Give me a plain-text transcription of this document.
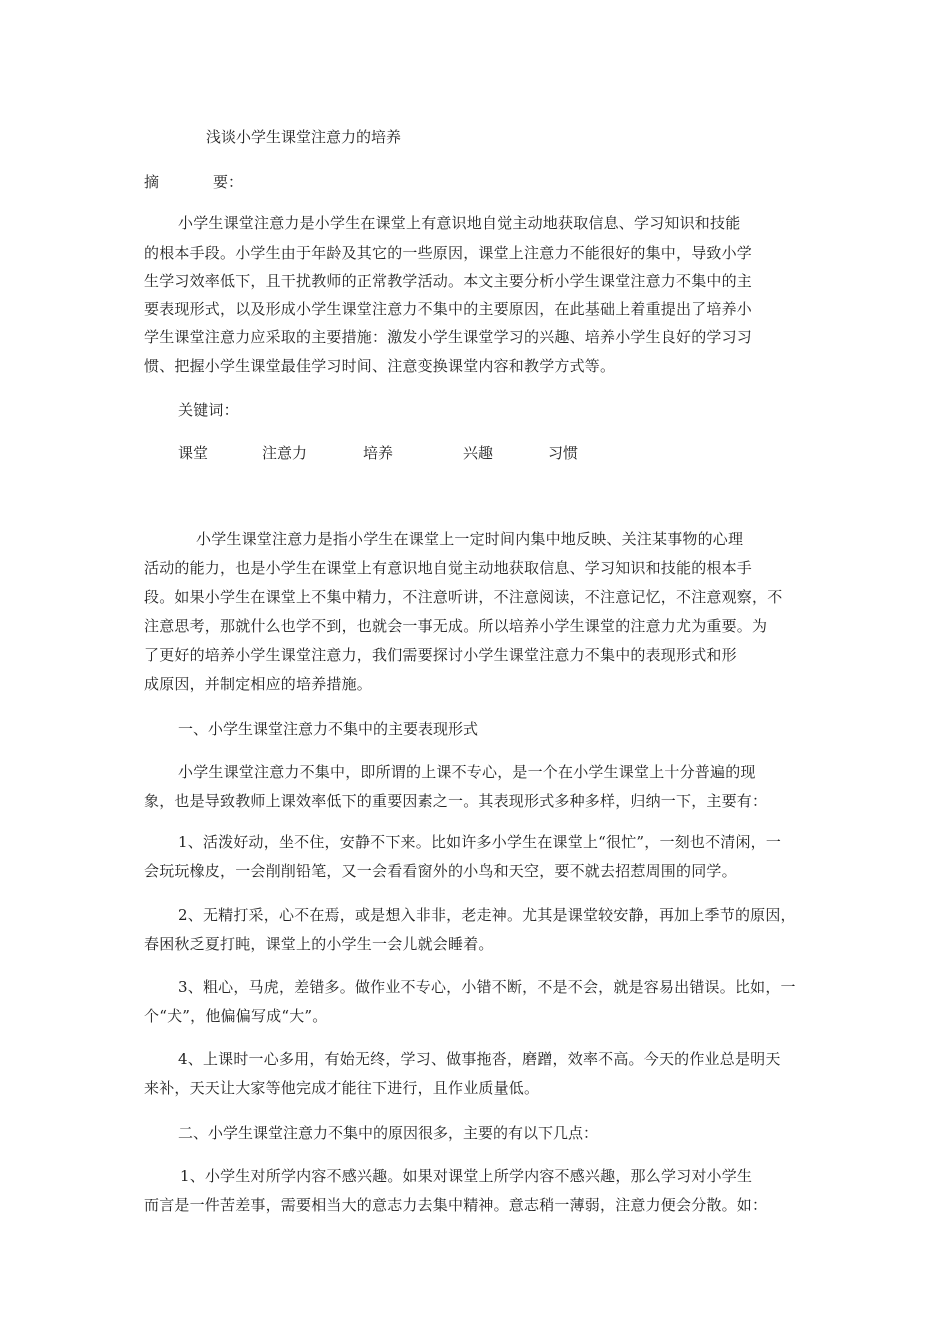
浅谈小学生课堂注意力的培养
摘	要：
小学生课堂注意力是小学生在课堂上有意识地自觉主动地获取信息、学习知识和技能
的根本手段。小学生由于年龄及其它的一些原因，课堂上注意力不能很好的集中，导致小学
生学习效率低下，且干扰教师的正常教学活动。本文主要分析小学生课堂注意力不集中的主
要表现形式，以及形成小学生课堂注意力不集中的主要原因，在此基础上着重提出了培养小
学生课堂注意力应采取的主要措施：激发小学生课堂学习的兴趣、培养小学生良好的学习习
惯、把握小学生课堂最佳学习时间、注意变换课堂内容和教学方式等。
关键词：
课堂	注意力	培养	兴趣	习惯
小学生课堂注意力是指小学生在课堂上一定时间内集中地反映、关注某事物的心理
活动的能力，也是小学生在课堂上有意识地自觉主动地获取信息、学习知识和技能的根本手
段。如果小学生在课堂上不集中精力，不注意听讲，不注意阅读，不注意记忆，不注意观察，不
注意思考，那就什么也学不到，也就会一事无成。所以培养小学生课堂的注意力尤为重要。为
了更好的培养小学生课堂注意力，我们需要探讨小学生课堂注意力不集中的表现形式和形
成原因，并制定相应的培养措施。
一、小学生课堂注意力不集中的主要表现形式
小学生课堂注意力不集中，即所谓的上课不专心，是一个在小学生课堂上十分普遍的现
象，也是导致教师上课效率低下的重要因素之一。其表现形式多种多样，归纳一下，主要有：
1、活泼好动，坐不住，安静不下来。比如许多小学生在课堂上“很忙”，一刻也不清闲，一
会玩玩橡皮，一会削削铅笔，又一会看看窗外的小鸟和天空，要不就去招惹周围的同学。
2、无精打采，心不在焉，或是想入非非，老走神。尤其是课堂较安静，再加上季节的原因，
春困秋乏夏打盹，课堂上的小学生一会儿就会睡着。
3、粗心，马虎，差错多。做作业不专心，小错不断，不是不会，就是容易出错误。比如，一
个“犬”，他偏偏写成“大”。
4、上课时一心多用，有始无终，学习、做事拖沓，磨蹭，效率不高。今天的作业总是明天
来补，天天让大家等他完成才能往下进行，且作业质量低。
二、小学生课堂注意力不集中的原因很多，主要的有以下几点：
1、小学生对所学内容不感兴趣。如果对课堂上所学内容不感兴趣，那么学习对小学生
而言是一件苦差事，需要相当大的意志力去集中精神。意志稍一薄弱，注意力便会分散。如：
